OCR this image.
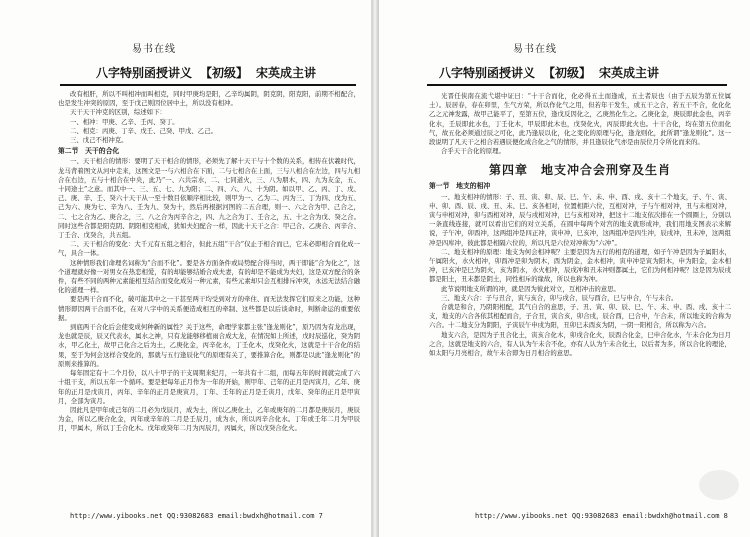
易书在线
八字特别函授讲义 【初级】 宋英成主讲

改有相肝，所以不叫相冲而叫相克，同时甲庚均是阳，乙辛均属阴，阴克阴，阳克阳，前期不相配合，也是发生冲突的原因，至于戊己则因位居中土，所以没有相冲。

天干天干冲克的区别，综述如下：

一、相冲：甲庚、乙辛、壬丙、癸丁。

二、相克：丙庚、丁辛、戊壬、己癸、甲戊、乙己。

三、戊己不相冲克。

第二节　天干的合化

一、天干相合的情形：要明了天干相合的情形，必须先了解十天干与十个数的关系，相传在伏羲时代，龙马背着图文从河中走来，这图文是一与六相合在下面，二与七相合在上面，三与八相合在左边，四与九相合在右边，五与十相合在中央，此乃“一、六共宗水，二、七同道火，三、八为朋木，四、九为友金，五、十同途土”之意。而其中一、三、五、七、九为阳；二、四、六、八、十为阴。如以甲、乙、丙、丁、戊、己、庚、辛、壬、癸六十天干从一至十数目依顺序相比较，则甲为一、乙为二、丙为三、丁为四、戊为五、己为六、庚为七、辛为八、壬为九、癸为十，然后再根据河图的二五合理，则一、六之合为甲、己合之，二、七之合为乙、庚合之，三、八之合为丙辛合之，四、九之合为丁、壬合之，五、十之合为戊、癸之合。同时这些合都是阳克阴、阴阳相克相成，犹如夫妇配合一样，因此十天干之合：甲己合、乙庚合、丙辛合、丁壬合、戊癸合，共五组。

二、天干相合的变化：大千元有五组之相合，但此五组“干合”仅止于相合而已，它未必即相合而化成一气，具合一体。

这种情形我们命理名词称为“合而不化”。要是各方面条件或局势配合得当时，两干即能“合为化之”，这个道理就好像一对男女在热恋相爱，有的却能够结婚合成夫妻，有的却是不能成为夫妇，这是双方配合的条件，有些不同的两种元素能相互结合而变化成另一种元素，有些元素却只会互相排斥冲突，永远无法结合融化的道理一样。

要是两干合而不化，破可能其中之一干甚至两干均受到对方的牵住、而无法发挥它们原来之功能，这种情形即因两干合而不化，在对八字中的关系便造成相互的牵制、这些都是以后谈命时，判断命运的重要依据。

到底两干合化后会使变成何种新的属性？关于这些，命理学家都主张“逢龙则化”，原乃因为有龙出现，龙也就是辰，辰又代表水，属水之神，只有龙能够移植雨合成大龙，在情况如上所述，戊时辰巡化，癸为阴水，甲乙化土，故甲己化合之后为土，乙庚化金，丙辛化水，丁壬化木，戊癸化火，这就是十干合化的结果，至于为何会这样合变化的，那就与五行逢辰化气的原理有关了，要推算合化，则都是以此“逢龙则化”的原则来推算的。

每年固定有十二个月份，以八十甲子的干支周期来纪月，一年共有十二组，而每五年的时间就完成了六十组干支，所以五年一个循环。要是把每年正月作为一年的开始，则甲年、己年的正月是丙寅月，乙年、庚年的正月是戊寅月，丙年、辛年的正月是庚寅月，丁年、壬年的正月是壬寅月，戊年、癸年的正月是甲寅月，全部为寅月。

因此凡是甲年或己年的二月必为戊辰月，成为土，所以乙庚化土，乙年或庚年的二月都是庚辰月，庚辰为金，所以乙庚合化金，丙年或辛年的二月是壬辰月，成为水，所以丙辛合化水。丁年或壬年二月为甲辰月，甲属木，所以丁壬合化木。戊年或癸年二月为丙辰月，丙属火，所以戊癸合化火。

http://www.yibooks.net QQ:93082683 email:bwdxh@hotmail.com 7
易书在线
八字特别函授讲义 【初级】 宋英成主讲

光晋任侠南在流弋堪中证曰：“十干合而化，化必得五土而逢成，五土者辰也（由于五辰为第五位属土）。辰居春，春在卯里，生气方荣，所以作化气之用，但若年干发生，或五干之合，若五干不合，化化化乙之元神发露，故甲己能平了，至第五位，逢戊反因化之，乙庚然化生之。乙庚化金，庚辰即此金也，丙辛化水，壬辰即此水也，丁壬化木，甲辰即此木也，戊癸化火，丙辰即此火也。十干合化，均在第五位而化气，故五化必须通过辰之可化，此乃逢辰以化，化之变化的原理与化，逢龙则化，此所谓“逢龙则化”。这一段说明了凡天干之相合若遇辰便化成合化之气的情形，并且逢辰化气亦是由辰位月令所化而来的。

合乎天干合化的原理。

第四章　地支冲合会刑穿及生肖

第一节　地支的相冲

一、地支相冲的情形：子、丑、寅、卯、辰、巳、午、未、申、酉、戌、亥十二个地支，子、午、寅、申、卯、酉、辰、戌、丑、未、巳、亥各相对，位置相距六位，互相对冲，子与午相对冲，丑与未相对冲，寅与申相对冲，卯与酉相对冲，辰与戌相对冲，巳与亥相对冲，把这十二地支依次排在一个圆圈上，分别以一条直线连接，就可以看出它们的对立关系，在圆中每两个对宫的地支就形成冲，我们用地支图表示来解说，子午冲，卯酉冲，这两组冲是四正冲，寅申冲，巳亥冲，这两组冲是四生冲，辰戌冲，丑未冲，这两组冲是四库冲，彼此都是相隔六位的，所以凡是六位对冲称为“六冲”。

二、地支相冲的原理：地支为何会相冲呢？主要是因为五行的相克的道理，如子午冲是因为子属阳水，午属阳火，水火相冲，卯酉冲是卯为阴木，酉为阴金，金木相冲，寅申冲是寅为阳木，申为阳金，金木相冲，巳亥冲是巳为阴火，亥为阴水，水火相冲，辰戌冲和丑未冲则都属土，它们为何相冲呢？这是因为辰戌都是阳土，丑未都是阴土，同性相斥的缘故，所以也称为冲。

此节说明地支所谓的冲，就是因为彼此对立，互相冲击的意思。

三、地支六合：子与丑合，寅与亥合，卯与戌合，辰与酉合，巳与申合，午与未合。

合就是和合，乃阴阳相配，其气自合的意思，子、丑、寅、卯、辰、巳、午、未、申、酉、戌、亥十二支，地支的六合各依其相配而合，子合丑，寅合亥，卯合戌，辰合酉，巳合申，午合未，所以地支的合称为六合。十二地支分为阴阳，子寅辰午申戌为阳，丑卯巳未酉亥为阴，一阴一阳相合，所以称为六合。

地支六合，是因为子丑合化土，寅亥合化木，卯戌合化火，辰酉合化金，巳申合化水，午未合化为日月之合，这就是地支的六合，有人认为午未合不化，亦有人认为午未合化土，以后者为多，所以合化的理论，如太阳与月亮相合，故午未合即为日月相合的意思。

http://www.yibooks.net QQ:93082683 email:bwdxh@hotmail.com 8
